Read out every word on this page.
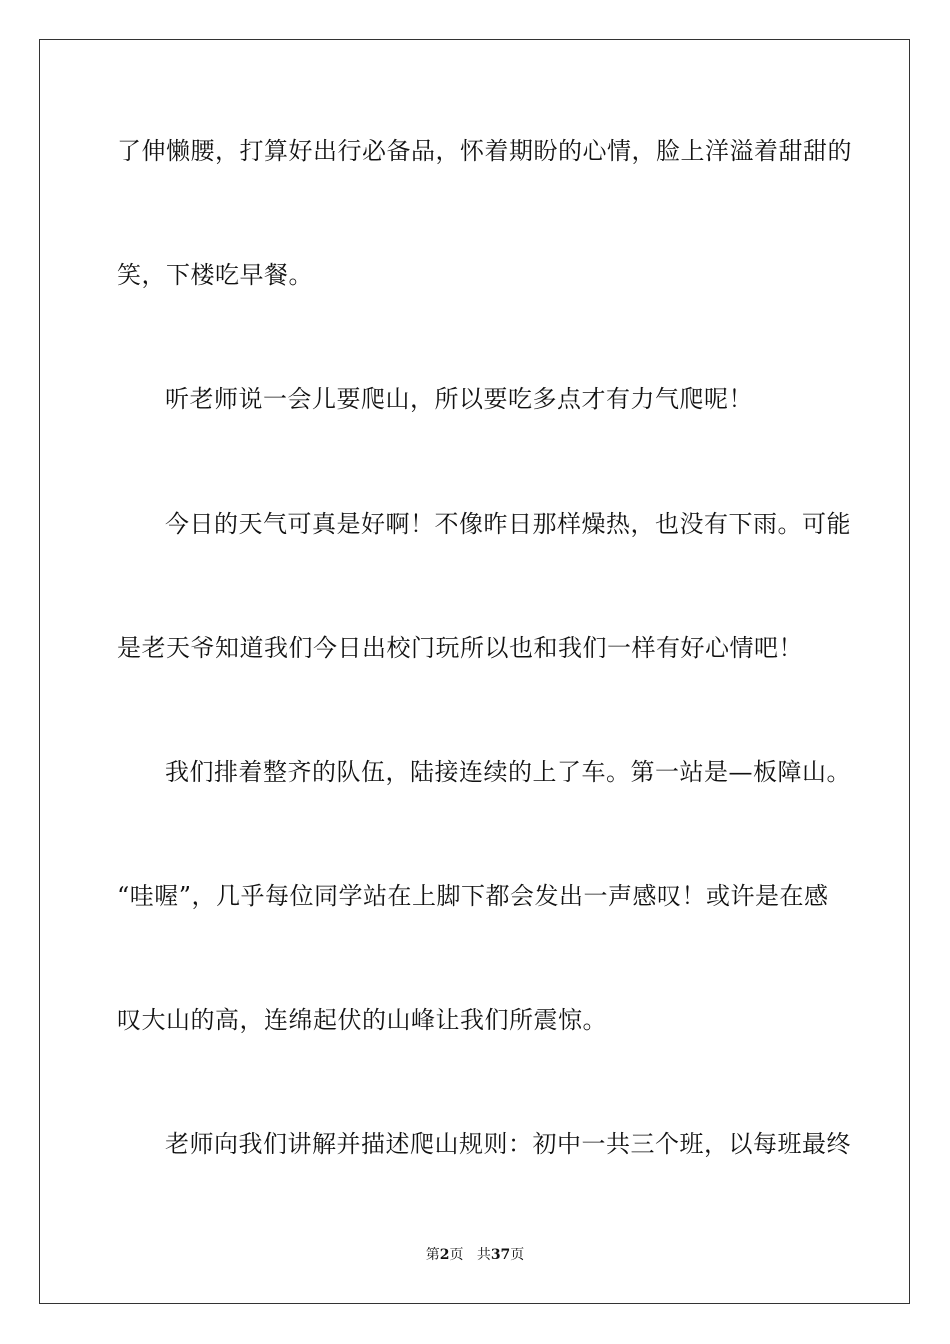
了伸懒腰，打算好出行必备品，怀着期盼的心情，脸上洋溢着甜甜的
笑，下楼吃早餐。
听老师说一会儿要爬山，所以要吃多点才有力气爬呢！
今日的天气可真是好啊！不像昨日那样燥热，也没有下雨。可能
是老天爷知道我们今日出校门玩所以也和我们一样有好心情吧！
我们排着整齐的队伍，陆接连续的上了车。第一站是—板障山。
“哇喔”，几乎每位同学站在上脚下都会发出一声感叹！或许是在感
叹大山的高，连绵起伏的山峰让我们所震惊。
老师向我们讲解并描述爬山规则：初中一共三个班，以每班最终
第2页 共37页
